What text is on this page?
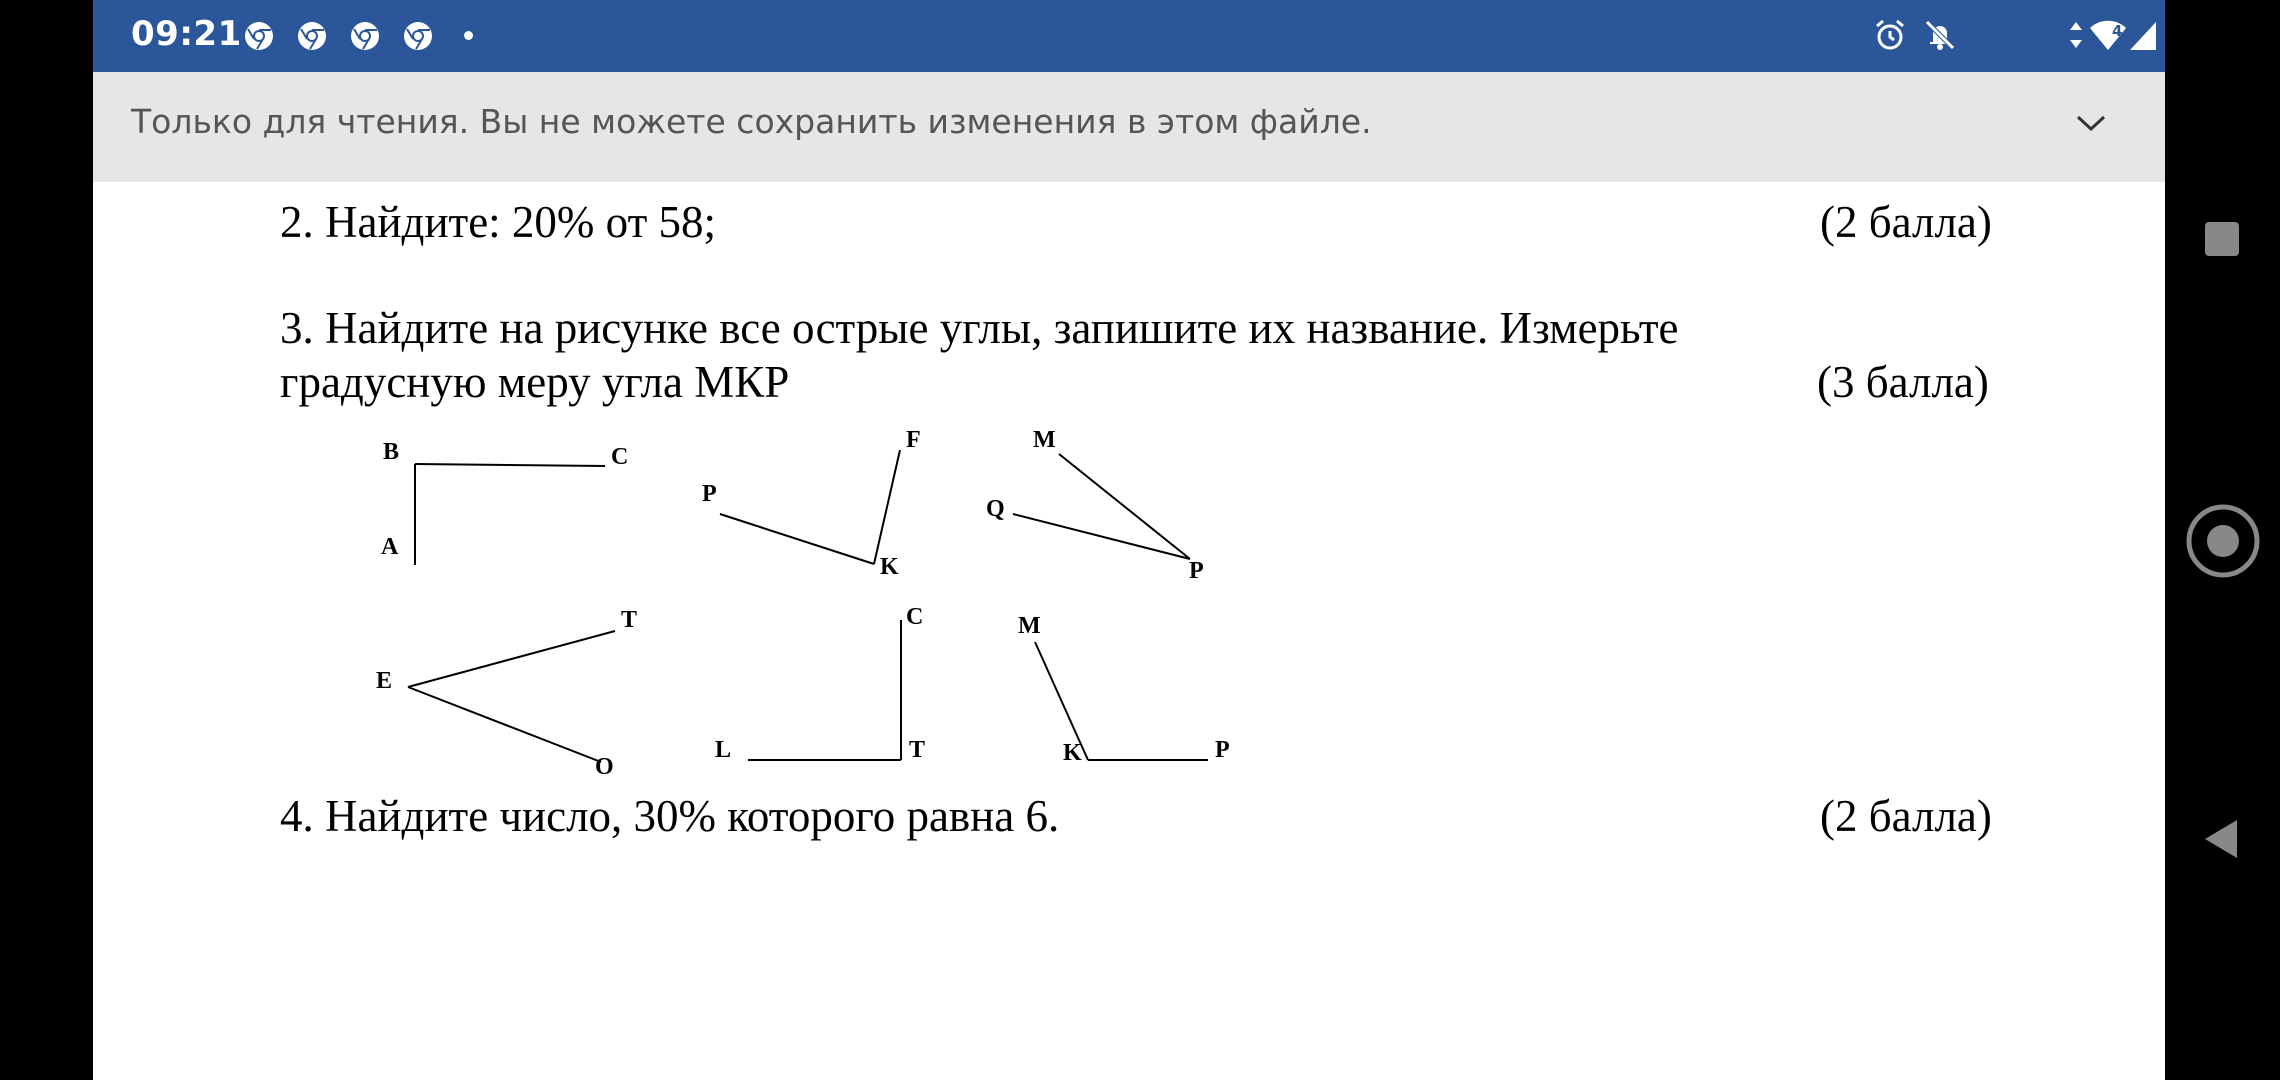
09:21	4
Только для чтения. Вы не можете сохранить изменения в этом файле.
2. Найдите: 20% от 58;	(2 балла)
3. Найдите на рисунке все острые углы, запишите их название. Измерьте
градусную меру угла МКР	(3 балла)
B	C
A
P
F
K
M
Q
P
T
O
E
L
C
T
M
P
K
4. Найдите число, 30% которого равна 6.	(2 балла)
